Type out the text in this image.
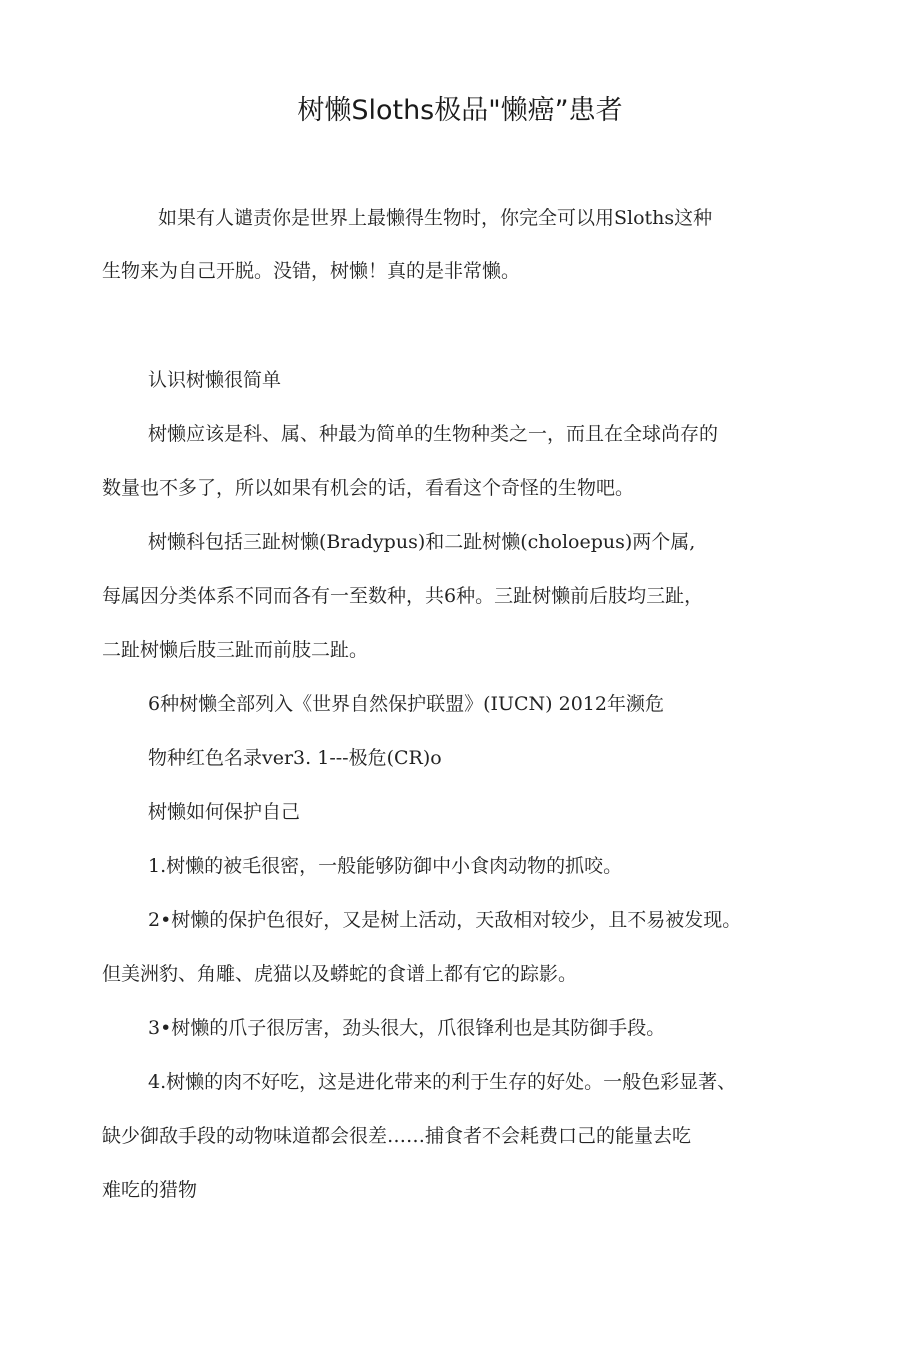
树懒Sloths极品"懒癌”患者

如果有人谴责你是世界上最懒得生物时，你完全可以用Sloths这种

生物来为自己开脱。没错，树懒！真的是非常懒。

认识树懒很简单

树懒应该是科、属、种最为简单的生物种类之一，而且在全球尚存的

数量也不多了，所以如果有机会的话，看看这个奇怪的生物吧。

树懒科包括三趾树懒(Bradypus)和二趾树懒(choloepus)两个属,

每属因分类体系不同而各有一至数种，共6种。三趾树懒前后肢均三趾，

二趾树懒后肢三趾而前肢二趾。

6种树懒全部列入《世界自然保护联盟》(IUCN) 2012年濒危

物种红色名录ver3. 1---极危(CR)o

树懒如何保护自己

1.树懒的被毛很密，一般能够防御中小食肉动物的抓咬。

2•树懒的保护色很好，又是树上活动，天敌相对较少，且不易被发现。

但美洲豹、角雕、虎猫以及蟒蛇的食谱上都有它的踪影。

3•树懒的爪子很厉害，劲头很大，爪很锋利也是其防御手段。

4.树懒的肉不好吃，这是进化带来的利于生存的好处。一般色彩显著、

缺少御敌手段的动物味道都会很差……捕食者不会耗费口己的能量去吃

难吃的猎物
